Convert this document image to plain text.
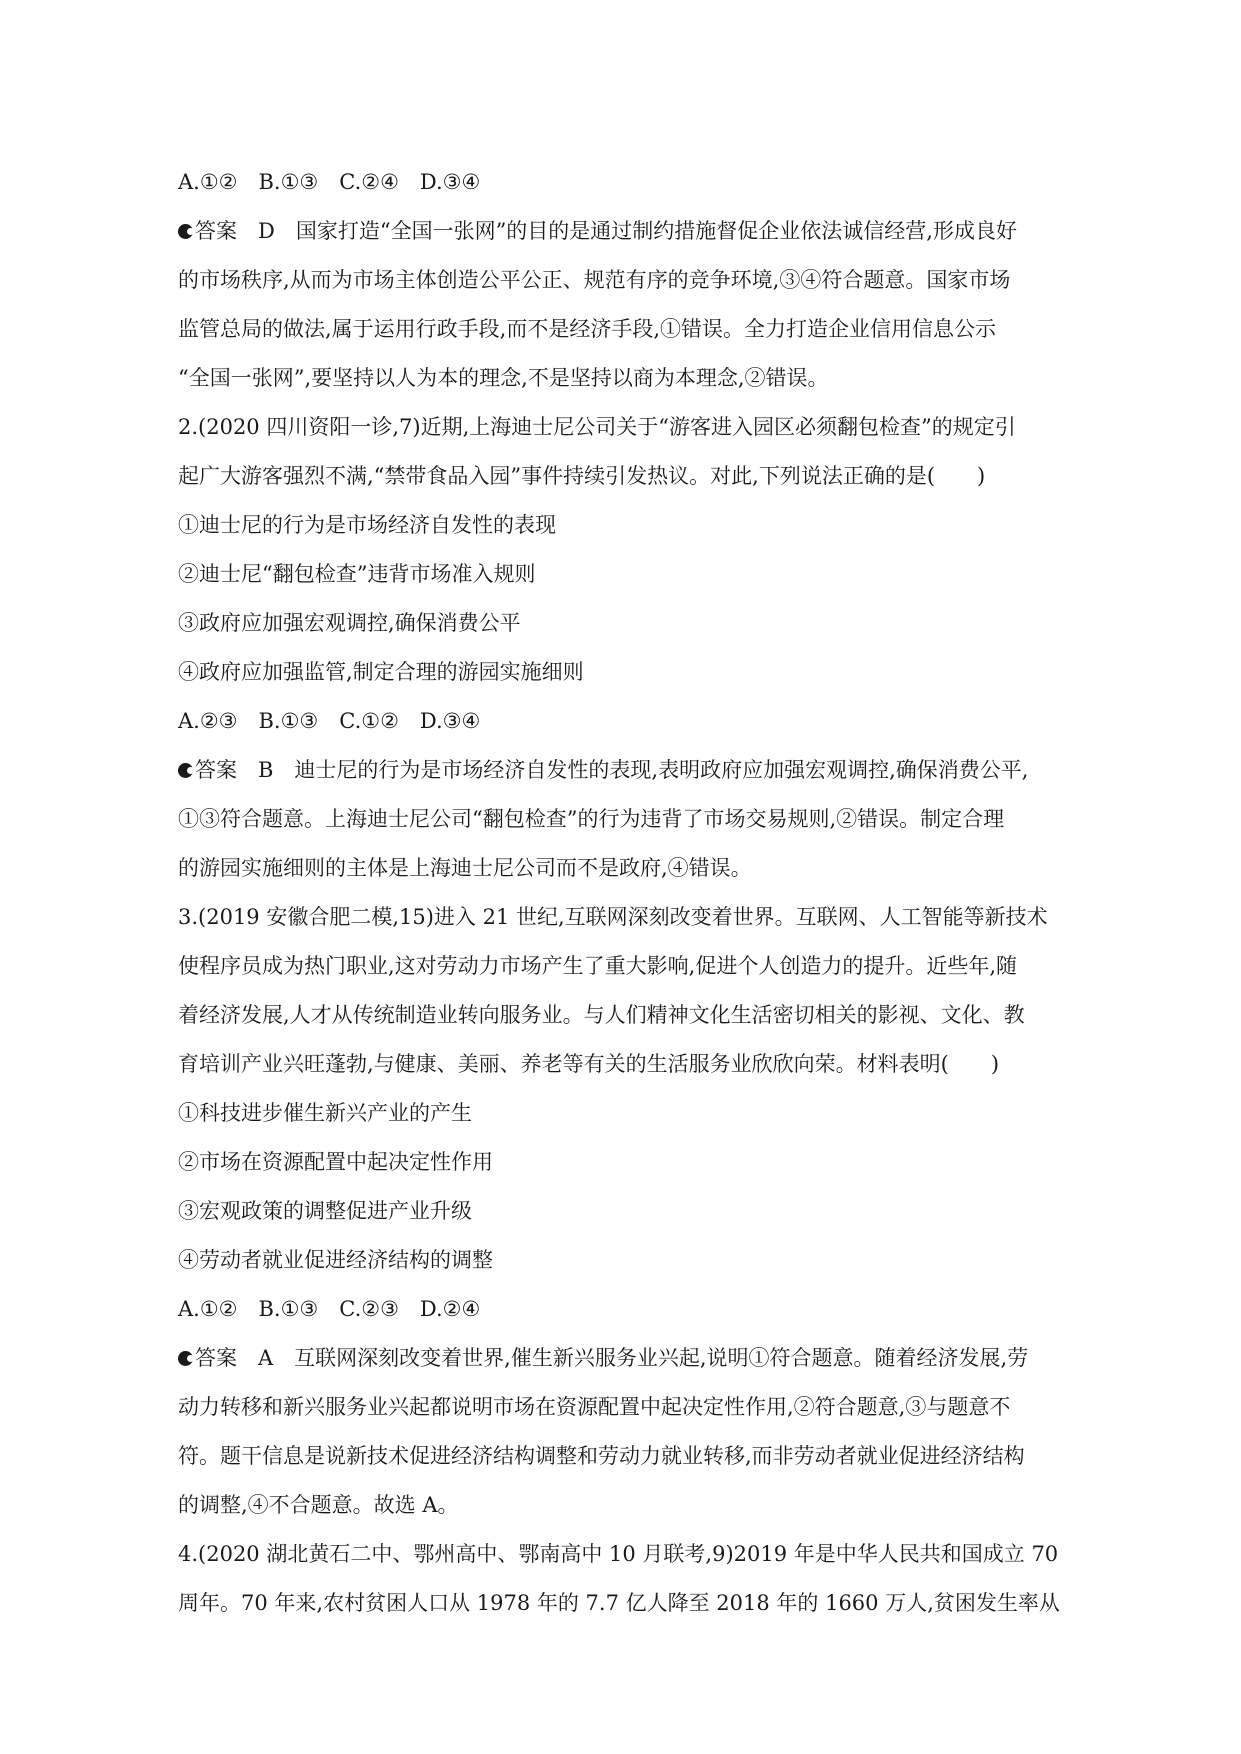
A.①②　B.①③　C.②④　D.③④
答案　D　国家打造“全国一张网”的目的是通过制约措施督促企业依法诚信经营,形成良好
的市场秩序,从而为市场主体创造公平公正、规范有序的竞争环境,③④符合题意。国家市场
监管总局的做法,属于运用行政手段,而不是经济手段,①错误。全力打造企业信用信息公示
“全国一张网”,要坚持以人为本的理念,不是坚持以商为本理念,②错误。
2.(2020 四川资阳一诊,7)近期,上海迪士尼公司关于“游客进入园区必须翻包检查”的规定引
起广大游客强烈不满,“禁带食品入园”事件持续引发热议。对此,下列说法正确的是(　　)
①迪士尼的行为是市场经济自发性的表现
②迪士尼“翻包检查”违背市场准入规则
③政府应加强宏观调控,确保消费公平
④政府应加强监管,制定合理的游园实施细则
A.②③　B.①③　C.①②　D.③④
答案　B　迪士尼的行为是市场经济自发性的表现,表明政府应加强宏观调控,确保消费公平,
①③符合题意。上海迪士尼公司“翻包检查”的行为违背了市场交易规则,②错误。制定合理
的游园实施细则的主体是上海迪士尼公司而不是政府,④错误。
3.(2019 安徽合肥二模,15)进入 21 世纪,互联网深刻改变着世界。互联网、人工智能等新技术
使程序员成为热门职业,这对劳动力市场产生了重大影响,促进个人创造力的提升。近些年,随
着经济发展,人才从传统制造业转向服务业。与人们精神文化生活密切相关的影视、文化、教
育培训产业兴旺蓬勃,与健康、美丽、养老等有关的生活服务业欣欣向荣。材料表明(　　)
①科技进步催生新兴产业的产生
②市场在资源配置中起决定性作用
③宏观政策的调整促进产业升级
④劳动者就业促进经济结构的调整
A.①②　B.①③　C.②③　D.②④
答案　A　互联网深刻改变着世界,催生新兴服务业兴起,说明①符合题意。随着经济发展,劳
动力转移和新兴服务业兴起都说明市场在资源配置中起决定性作用,②符合题意,③与题意不
符。题干信息是说新技术促进经济结构调整和劳动力就业转移,而非劳动者就业促进经济结构
的调整,④不合题意。故选 A。
4.(2020 湖北黄石二中、鄂州高中、鄂南高中 10 月联考,9)2019 年是中华人民共和国成立 70
周年。70 年来,农村贫困人口从 1978 年的 7.7 亿人降至 2018 年的 1660 万人,贫困发生率从
